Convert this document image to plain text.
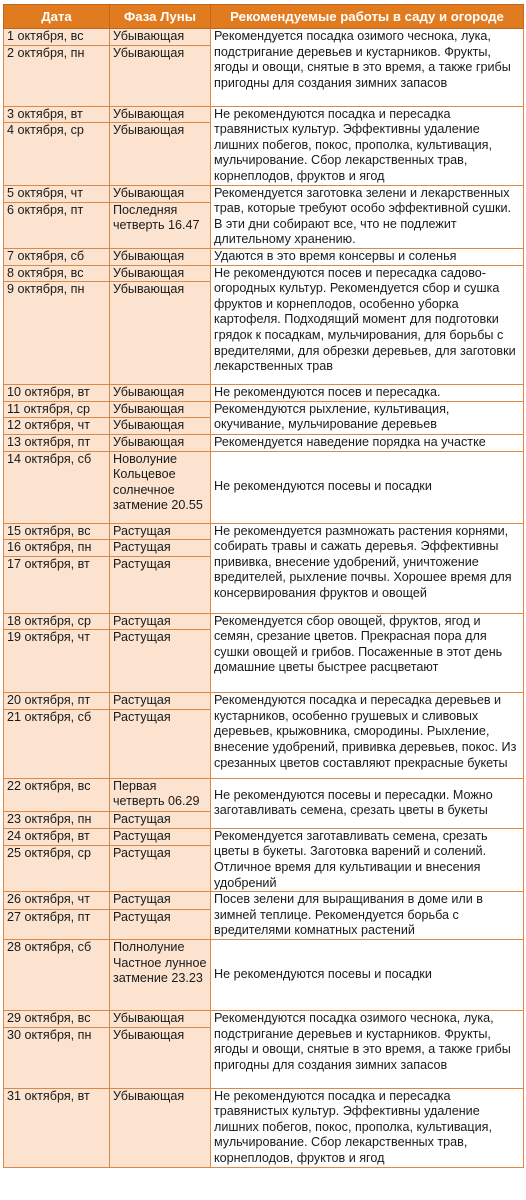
Дата	Фаза Луны	Рекомендуемые работы в саду и огороде
1 октября, вс	Убывающая	Рекомендуется посадка озимого чеснока, лука, подстригание деревьев и кустарников. Фрукты, ягоды и овощи, снятые в это время, а также грибы пригодны для создания зимних запасов
2 октября, пн	Убывающая	
3 октября, вт	Убывающая	Не рекомендуются посадка и пересадка травянистых культур. Эффективны удаление лишних побегов, покос, прополка, культивация, мульчирование. Сбор лекарственных трав, корнеплодов, фруктов и ягод
4 октября, ср	Убывающая	
5 октября, чт	Убывающая	Рекомендуется заготовка зелени и лекарственных трав, которые требуют особо эффективной сушки. В эти дни собирают все, что не подлежит длительному хранению.
6 октября, пт	Последняя четверть 16.47	
7 октября, сб	Убывающая	Удаются в это время консервы и соленья
8 октября, вс	Убывающая	Не рекомендуются посев и пересадка садово-огородных культур. Рекомендуется сбор и сушка фруктов и корнеплодов, особенно уборка картофеля. Подходящий момент для подготовки грядок к посадкам, мульчирования, для борьбы с вредителями, для обрезки деревьев, для заготовки лекарственных трав
9 октября, пн	Убывающая	
10 октября, вт	Убывающая	Не рекомендуются посев и пересадка.
11 октября, ср	Убывающая	Рекомендуются рыхление, культивация, окучивание, мульчирование деревьев
12 октября, чт	Убывающая	
13 октября, пт	Убывающая	Рекомендуется наведение порядка на участке
14 октября, сб	Новолуние Кольцевое солнечное затмение 20.55	Не рекомендуются посевы и посадки
15 октября, вс	Растущая	Не рекомендуется размножать растения корнями, собирать травы и сажать деревья. Эффективны прививка, внесение удобрений, уничтожение вредителей, рыхление почвы. Хорошее время для консервирования фруктов и овощей
16 октября, пн	Растущая	
17 октября, вт	Растущая	
18 октября, ср	Растущая	Рекомендуется сбор овощей, фруктов, ягод и семян, срезание цветов. Прекрасная пора для сушки овощей и грибов. Посаженные в этот день домашние цветы быстрее расцветают
19 октября, чт	Растущая	
20 октября, пт	Растущая	Рекомендуются посадка и пересадка деревьев и кустарников, особенно грушевых и сливовых деревьев, крыжовника, смородины. Рыхление, внесение удобрений, прививка деревьев, покос. Из срезанных цветов составляют прекрасные букеты
21 октября, сб	Растущая	
22 октября, вс	Первая четверть 06.29	Не рекомендуются посевы и пересадки. Можно заготавливать семена, срезать цветы в букеты
23 октября, пн	Растущая	
24 октября, вт	Растущая	Рекомендуется заготавливать семена, срезать цветы в букеты. Заготовка варений и солений. Отличное время для культивации и внесения удобрений
25 октября, ср	Растущая	
26 октября, чт	Растущая	Посев зелени для выращивания в доме или в зимней теплице. Рекомендуется борьба с вредителями комнатных растений
27 октября, пт	Растущая	
28 октября, сб	Полнолуние Частное лунное затмение 23.23	Не рекомендуются посевы и посадки
29 октября, вс	Убывающая	Рекомендуются посадка озимого чеснока, лука, подстригание деревьев и кустарников. Фрукты, ягоды и овощи, снятые в это время, а также грибы пригодны для создания зимних запасов
30 октября, пн	Убывающая	
31 октября, вт	Убывающая	Не рекомендуются посадка и пересадка травянистых культур. Эффективны удаление лишних побегов, покос, прополка, культивация, мульчирование. Сбор лекарственных трав, корнеплодов, фруктов и ягод
